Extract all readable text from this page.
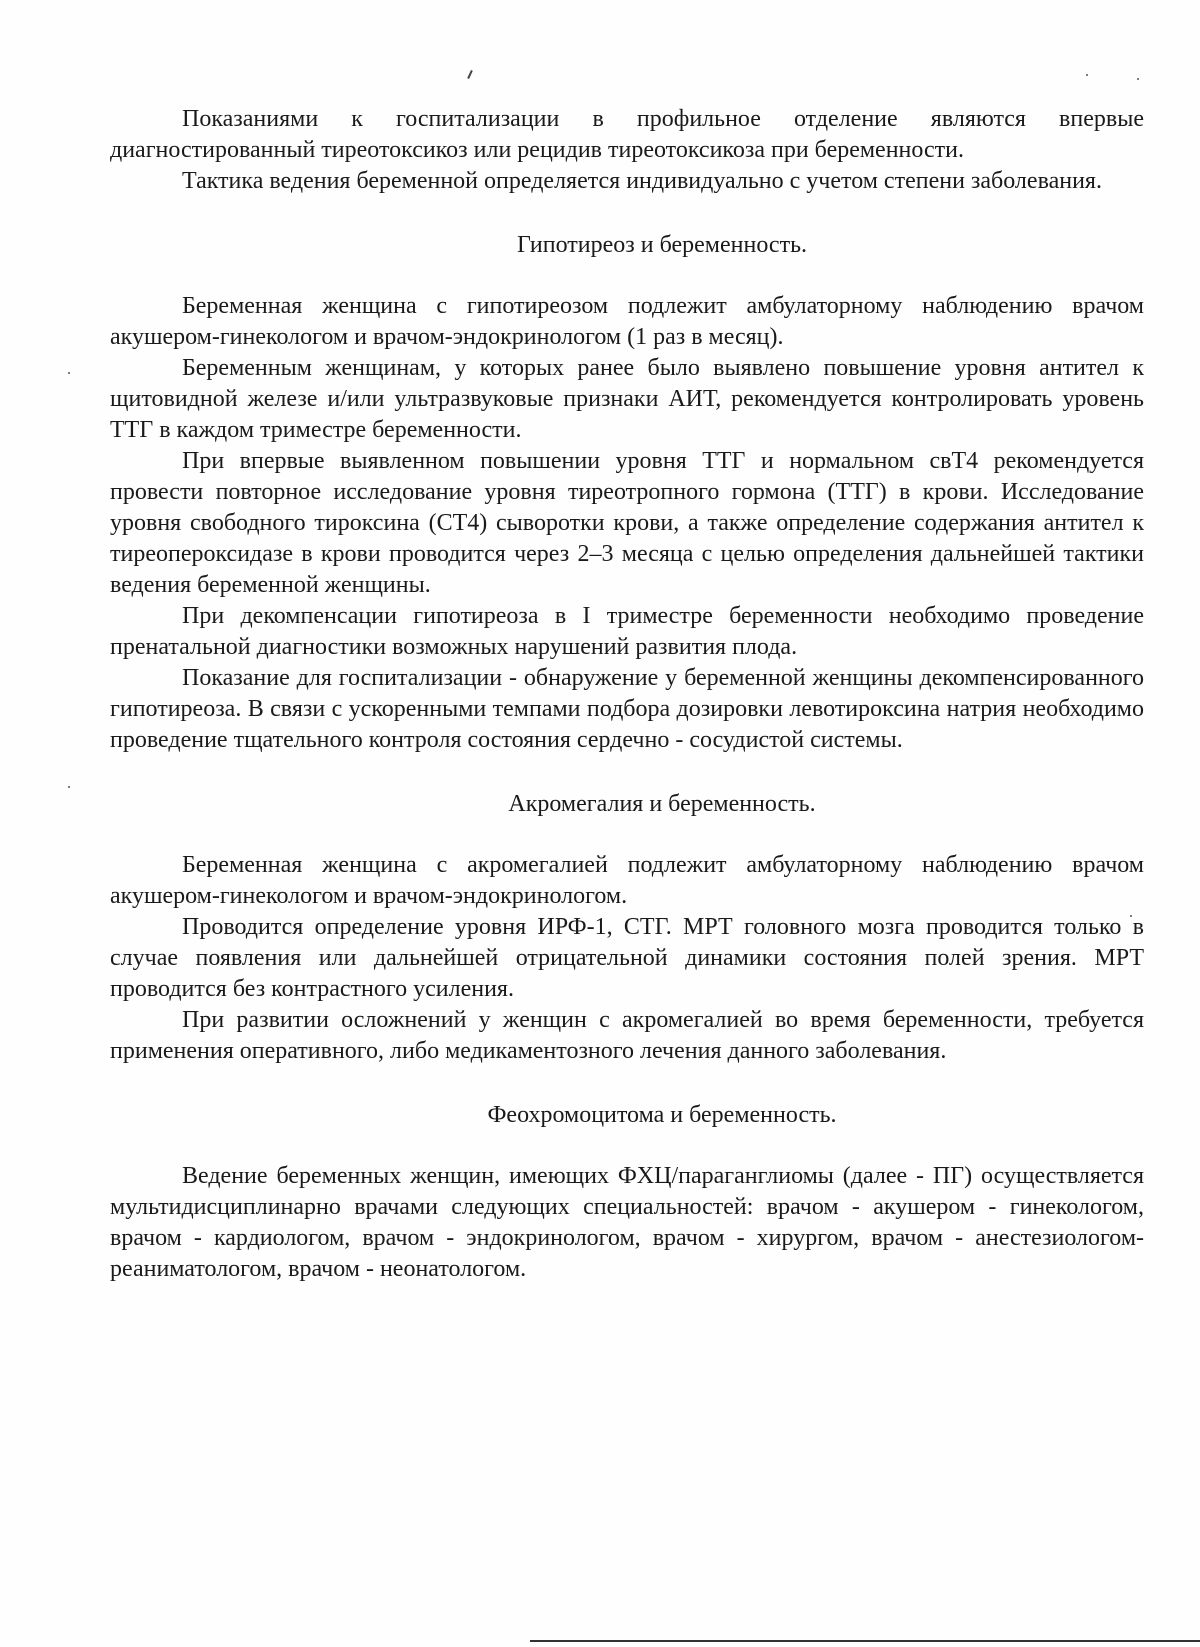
Показаниями к госпитализации в профильное отделение являются впервые диагностированный тиреотоксикоз или рецидив тиреотоксикоза при беременности.

Тактика ведения беременной определяется индивидуально с учетом степени заболевания.

Гипотиреоз и беременность.

Беременная женщина с гипотиреозом подлежит амбулаторному наблюдению врачом акушером-гинекологом и врачом-эндокринологом (1 раз в месяц).

Беременным женщинам, у которых ранее было выявлено повышение уровня антител к щитовидной железе и/или ультразвуковые признаки АИТ, рекомендуется контролировать уровень ТТГ в каждом триместре беременности.

При впервые выявленном повышении уровня ТТГ и нормальном свТ4 рекомендуется провести повторное исследование уровня тиреотропного гормона (ТТГ) в крови. Исследование уровня свободного тироксина (СТ4) сыворотки крови, а также определение содержания антител к тиреопероксидазе в крови проводится через 2–3 месяца с целью определения дальнейшей тактики ведения беременной женщины.

При декомпенсации гипотиреоза в I триместре беременности необходимо проведение пренатальной диагностики возможных нарушений развития плода.

Показание для госпитализации - обнаружение у беременной женщины декомпенсированного гипотиреоза. В связи с ускоренными темпами подбора дозировки левотироксина натрия необходимо проведение тщательного контроля состояния сердечно - сосудистой системы.

Акромегалия и беременность.

Беременная женщина с акромегалией подлежит амбулаторному наблюдению врачом акушером-гинекологом и врачом-эндокринологом.

Проводится определение уровня ИРФ-1, СТГ. МРТ головного мозга проводится только в случае появления или дальнейшей отрицательной динамики состояния полей зрения. МРТ проводится без контрастного усиления.

При развитии осложнений у женщин с акромегалией во время беременности, требуется применения оперативного, либо медикаментозного лечения данного заболевания.

Феохромоцитома и беременность.

Ведение беременных женщин, имеющих ФХЦ/параганглиомы (далее - ПГ) осуществляется мультидисциплинарно врачами следующих специальностей: врачом - акушером - гинекологом, врачом - кардиологом, врачом - эндокринологом, врачом - хирургом, врачом - анестезиологом-реаниматологом, врачом - неонатологом.
